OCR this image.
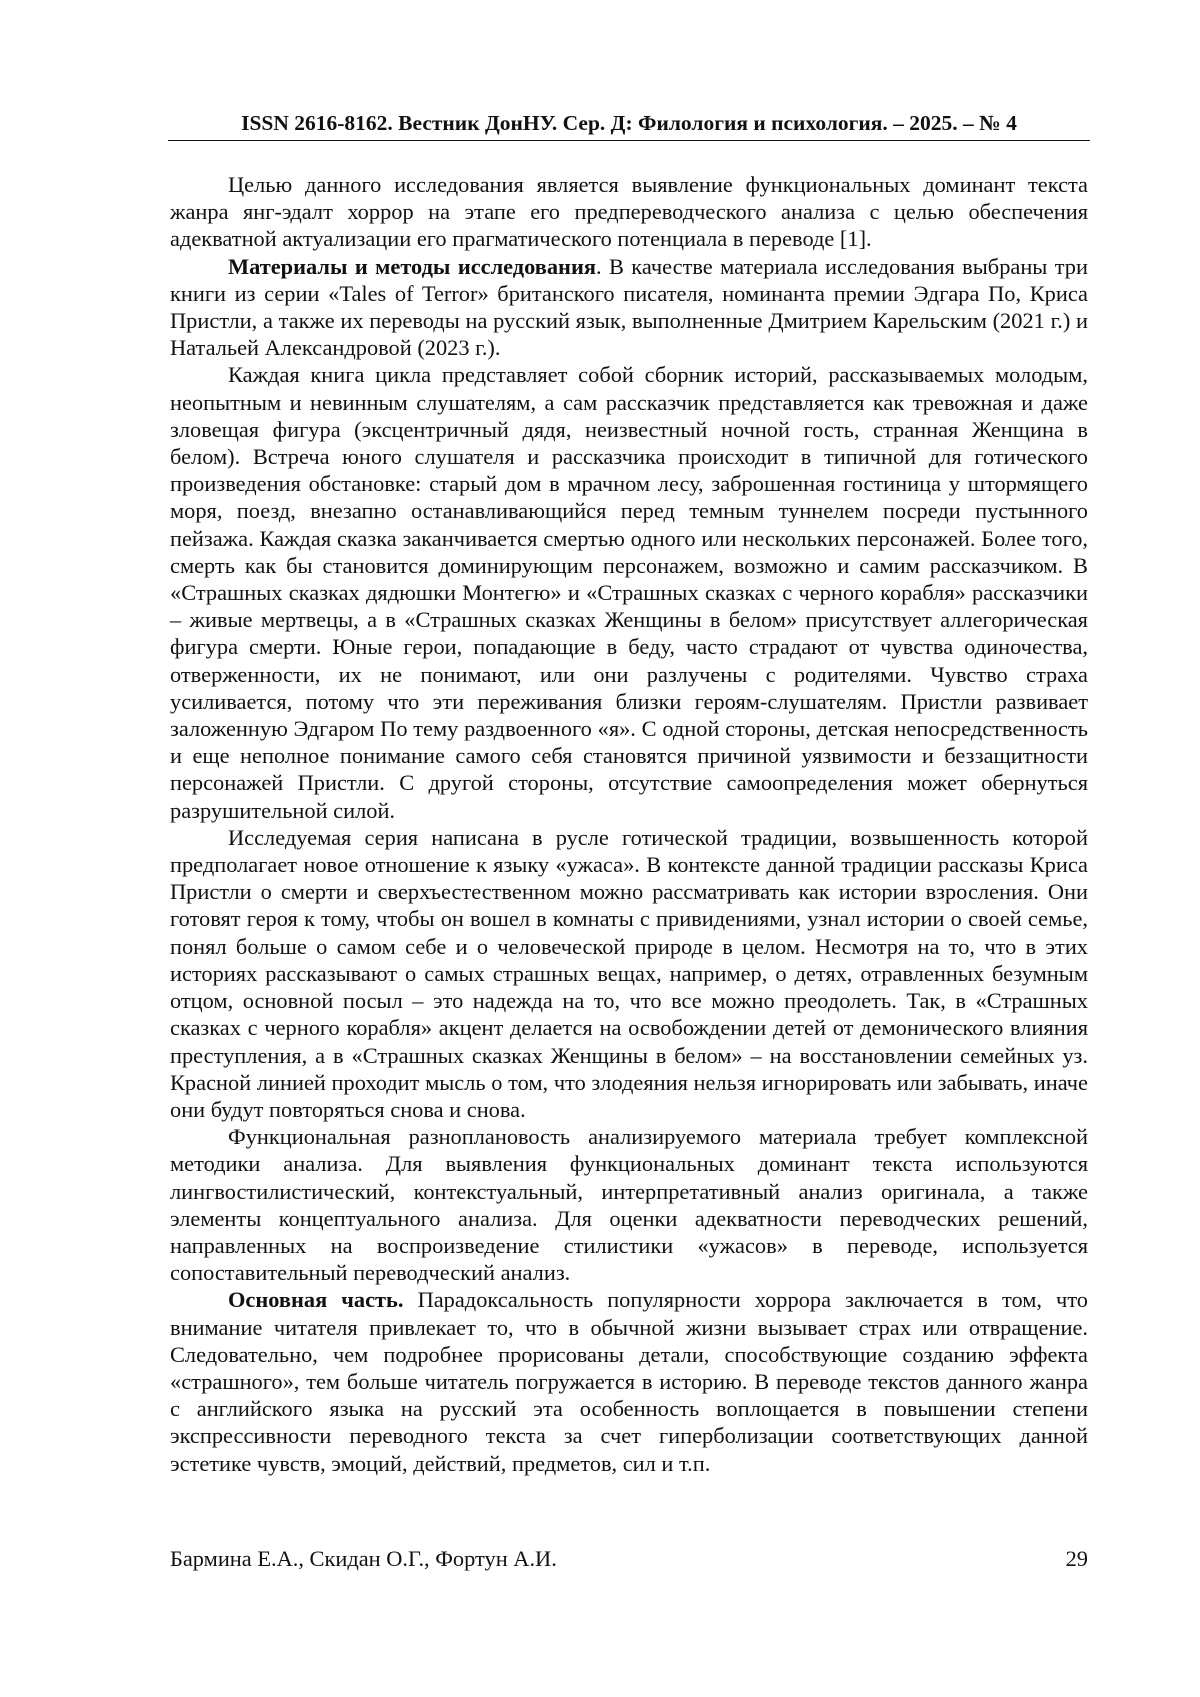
ISSN 2616-8162. Вестник ДонНУ. Сер. Д: Филология и психология. – 2025. – № 4

Целью данного исследования является выявление функциональных доминант текста жанра янг-эдалт хоррор на этапе его предпереводческого анализа с целью обеспечения адекватной актуализации его прагматического потенциала в переводе [1].

Материалы и методы исследования. В качестве материала исследования выбраны три книги из серии «Tales of Terror» британского писателя, номинанта премии Эдгара По, Криса Пристли, а также их переводы на русский язык, выполненные Дмитрием Карельским (2021 г.) и Натальей Александровой (2023 г.).

Каждая книга цикла представляет собой сборник историй, рассказываемых молодым, неопытным и невинным слушателям, а сам рассказчик представляется как тревожная и даже зловещая фигура (эксцентричный дядя, неизвестный ночной гость, странная Женщина в белом). Встреча юного слушателя и рассказчика происходит в типичной для готического произведения обстановке: старый дом в мрачном лесу, заброшенная гостиница у штормящего моря, поезд, внезапно останавливающийся перед темным туннелем посреди пустынного пейзажа. Каждая сказка заканчивается смертью одного или нескольких персонажей. Более того, смерть как бы становится доминирующим персонажем, возможно и самим рассказчиком. В «Страшных сказках дядюшки Монтегю» и «Страшных сказках с черного корабля» рассказчики – живые мертвецы, а в «Страшных сказках Женщины в белом» присутствует аллегорическая фигура смерти. Юные герои, попадающие в беду, часто страдают от чувства одиночества, отверженности, их не понимают, или они разлучены с родителями. Чувство страха усиливается, потому что эти переживания близки героям-слушателям. Пристли развивает заложенную Эдгаром По тему раздвоенного «я». С одной стороны, детская непосредственность и еще неполное понимание самого себя становятся причиной уязвимости и беззащитности персонажей Пристли. С другой стороны, отсутствие самоопределения может обернуться разрушительной силой.

Исследуемая серия написана в русле готической традиции, возвышенность которой предполагает новое отношение к языку «ужаса». В контексте данной традиции рассказы Криса Пристли о смерти и сверхъестественном можно рассматривать как истории взросления. Они готовят героя к тому, чтобы он вошел в комнаты с привидениями, узнал истории о своей семье, понял больше о самом себе и о человеческой природе в целом. Несмотря на то, что в этих историях рассказывают о самых страшных вещах, например, о детях, отравленных безумным отцом, основной посыл – это надежда на то, что все можно преодолеть. Так, в «Страшных сказках с черного корабля» акцент делается на освобождении детей от демонического влияния преступления, а в «Страшных сказках Женщины в белом» – на восстановлении семейных уз. Красной линией проходит мысль о том, что злодеяния нельзя игнорировать или забывать, иначе они будут повторяться снова и снова.

Функциональная разноплановость анализируемого материала требует комплексной методики анализа. Для выявления функциональных доминант текста используются лингвостилистический, контекстуальный, интерпретативный анализ оригинала, а также элементы концептуального анализа. Для оценки адекватности переводческих решений, направленных на воспроизведение стилистики «ужасов» в переводе, используется сопоставительный переводческий анализ.

Основная часть. Парадоксальность популярности хоррора заключается в том, что внимание читателя привлекает то, что в обычной жизни вызывает страх или отвращение. Следовательно, чем подробнее прорисованы детали, способствующие созданию эффекта «страшного», тем больше читатель погружается в историю. В переводе текстов данного жанра с английского языка на русский эта особенность воплощается в повышении степени экспрессивности переводного текста за счет гиперболизации соответствующих данной эстетике чувств, эмоций, действий, предметов, сил и т.п.

Бармина Е.А., Скидан О.Г., Фортун А.И.	29
